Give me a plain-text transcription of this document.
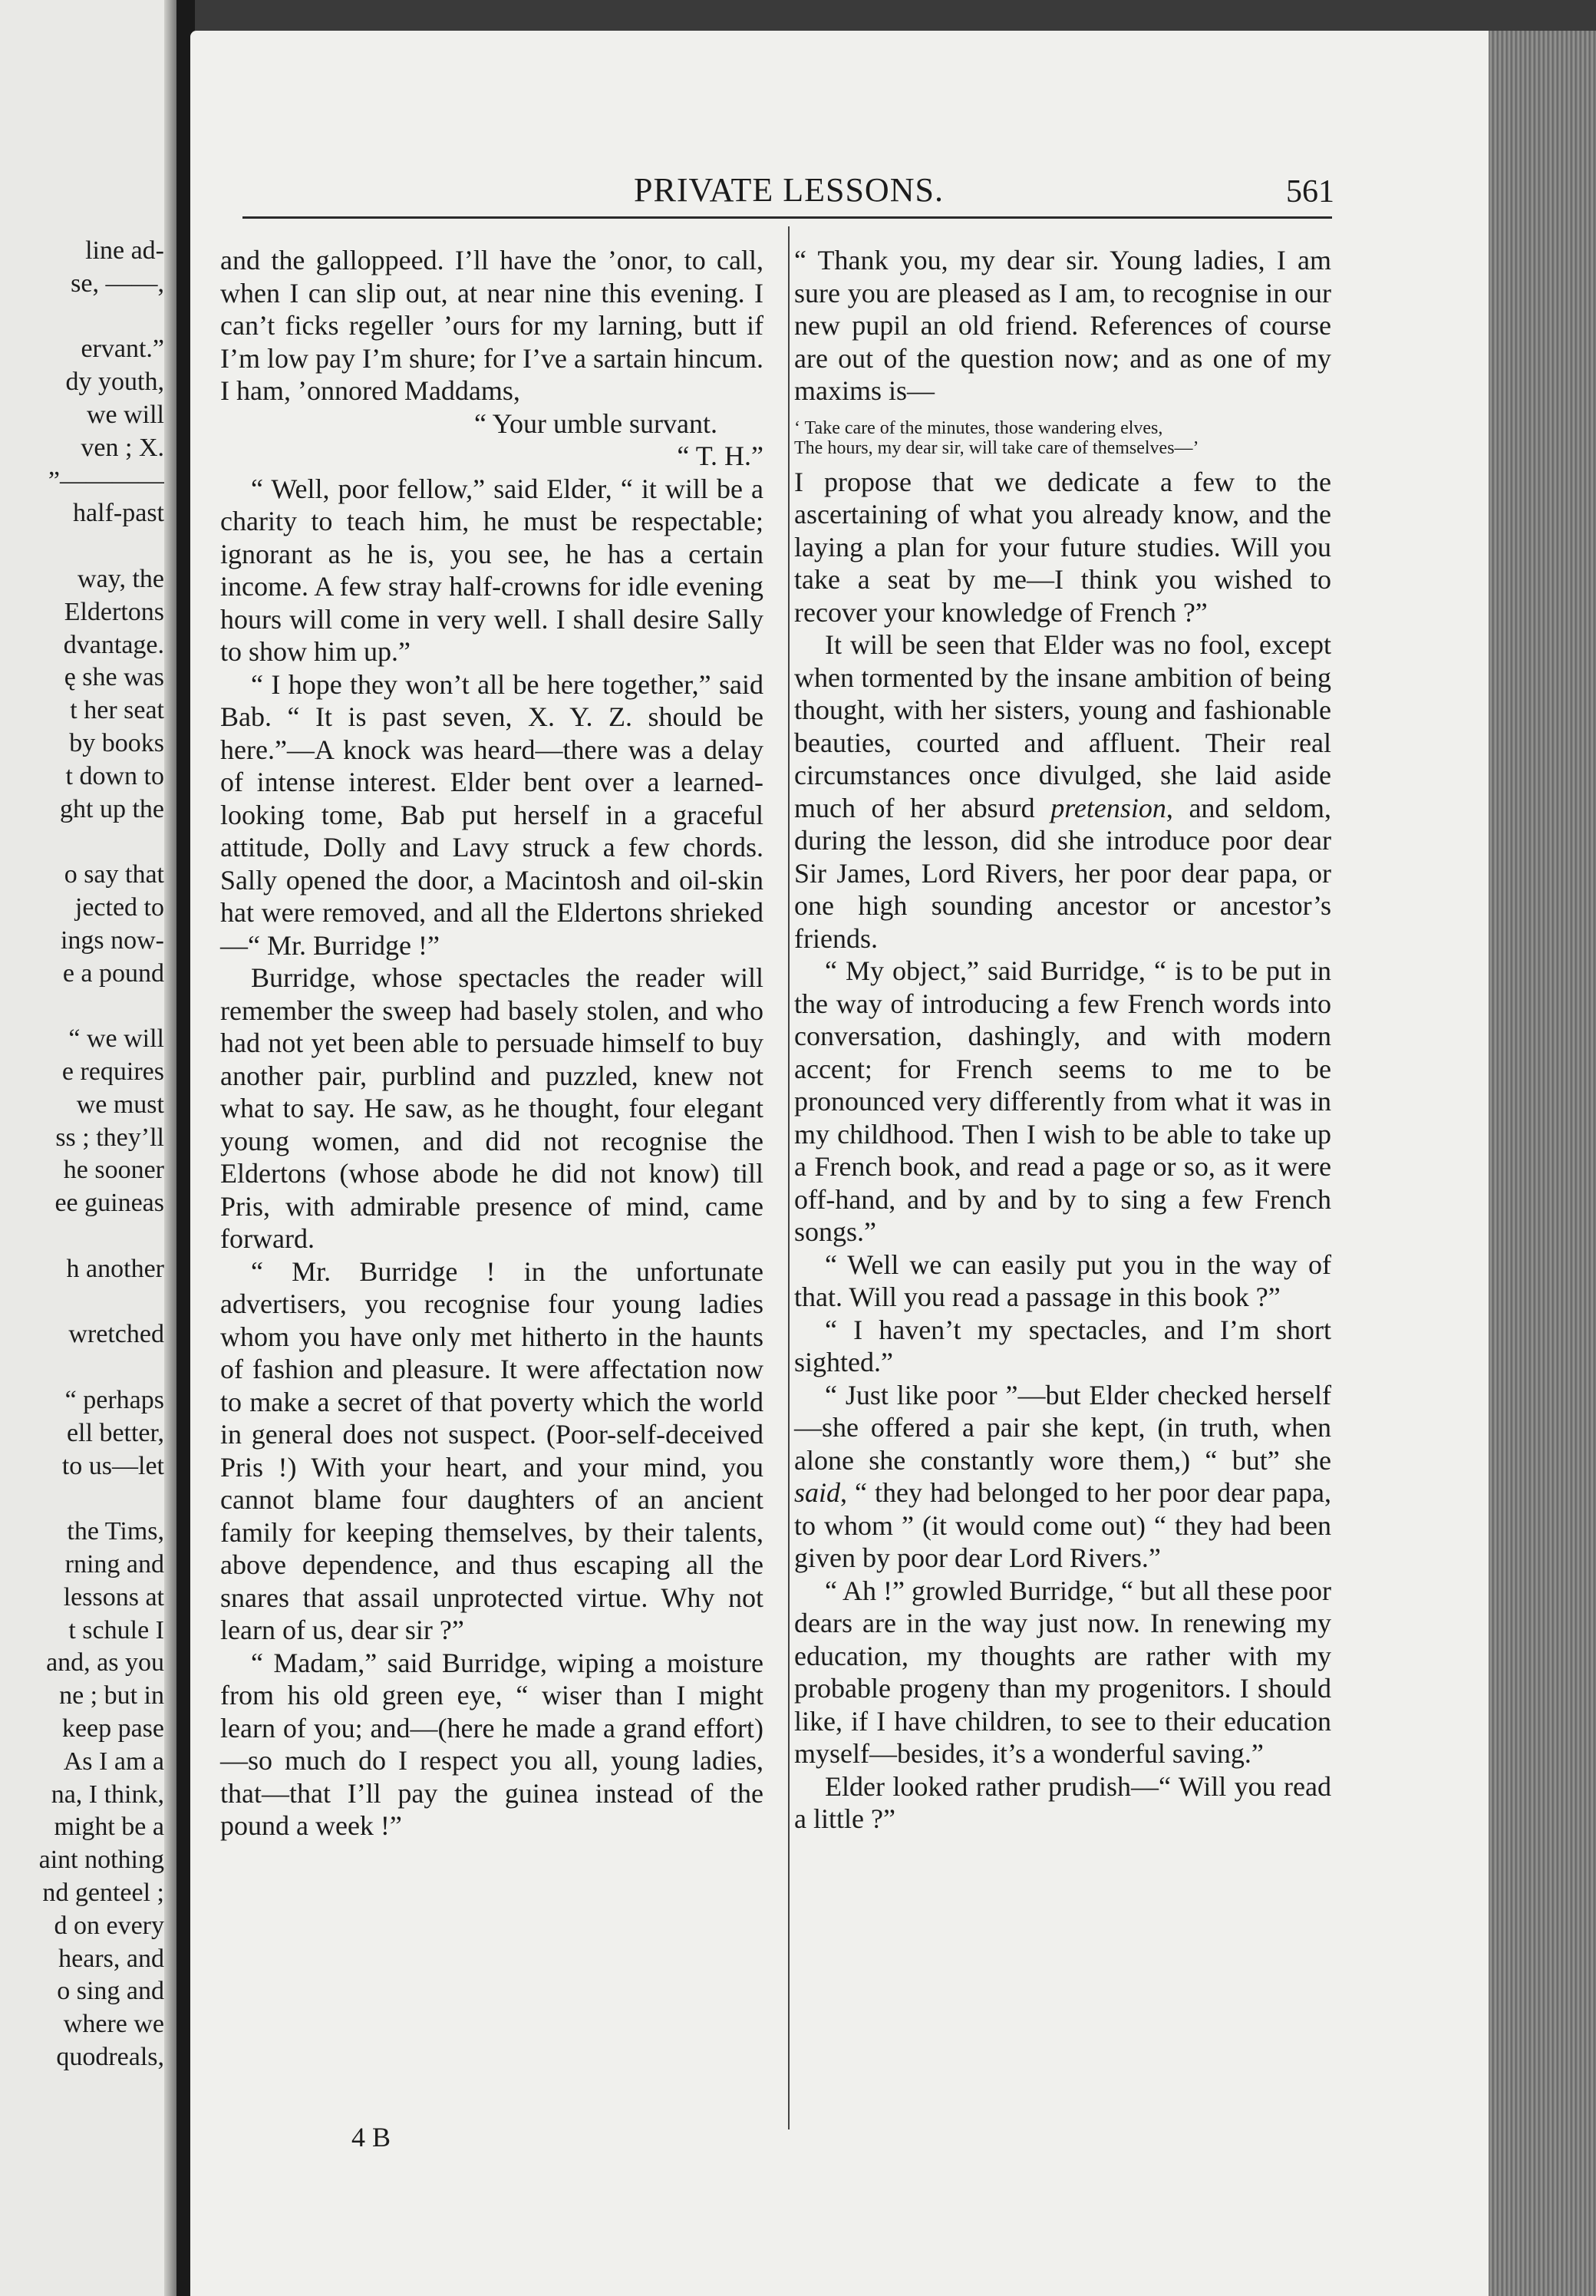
line ad-
se, ——,
ervant.”
dy youth,
we will
ven ; X.
”————
half-past
way, the
Eldertons
dvantage.
ę she was
t her seat
by books
t down to
ght up the
o say that
jected to
ings now-
e a pound
“ we will
e requires
we must
ss ; they’ll
he sooner
ee guineas
h another
wretched
“ perhaps
ell better,
to us—let
the Tims,
rning and
lessons at
t schule I
and, as you
ne ; but in
keep pase
As I am a
na, I think,
might be a
aint nothing
nd genteel ;
d on every
hears, and
o sing and
where we
quodreals,
PRIVATE LESSONS.	561

and the galloppeed. I’ll have the ’onor, to call, when I can slip out, at near nine this evening. I can’t ficks regeller ’ours for my larning, butt if I’m low pay I’m shure; for I’ve a sartain hincum. I ham, ’onnored Maddams,

“ Your umble survant.

“ T. H.”

“ Well, poor fellow,” said Elder, “ it will be a charity to teach him, he must be respectable; ignorant as he is, you see, he has a certain income. A few stray half-crowns for idle evening hours will come in very well. I shall desire Sally to show him up.”

“ I hope they won’t all be here together,” said Bab. “ It is past seven, X. Y. Z. should be here.”—A knock was heard—there was a delay of intense interest. Elder bent over a learned-looking tome, Bab put herself in a graceful attitude, Dolly and Lavy struck a few chords. Sally opened the door, a Macintosh and oil-skin hat were removed, and all the Eldertons shrieked—“ Mr. Burridge !”

Burridge, whose spectacles the reader will remember the sweep had basely stolen, and who had not yet been able to persuade himself to buy another pair, purblind and puzzled, knew not what to say. He saw, as he thought, four elegant young women, and did not recognise the Eldertons (whose abode he did not know) till Pris, with admirable presence of mind, came forward.

“ Mr. Burridge ! in the unfortunate advertisers, you recognise four young ladies whom you have only met hitherto in the haunts of fashion and pleasure. It were affectation now to make a secret of that poverty which the world in general does not suspect. (Poor-self-deceived Pris !) With your heart, and your mind, you cannot blame four daughters of an ancient family for keeping themselves, by their talents, above dependence, and thus escaping all the snares that assail unprotected virtue. Why not learn of us, dear sir ?”

“ Madam,” said Burridge, wiping a moisture from his old green eye, “ wiser than I might learn of you; and—(here he made a grand effort)—so much do I respect you all, young ladies, that—that I’ll pay the guinea instead of the pound a week !”

4 B

“ Thank you, my dear sir. Young ladies, I am sure you are pleased as I am, to recognise in our new pupil an old friend. References of course are out of the question now; and as one of my maxims is—

‘ Take care of the minutes, those wandering elves,
The hours, my dear sir, will take care of themselves—’

I propose that we dedicate a few to the ascertaining of what you already know, and the laying a plan for your future studies. Will you take a seat by me—I think you wished to recover your knowledge of French ?”

It will be seen that Elder was no fool, except when tormented by the insane ambition of being thought, with her sisters, young and fashionable beauties, courted and affluent. Their real circumstances once divulged, she laid aside much of her absurd pretension, and seldom, during the lesson, did she introduce poor dear Sir James, Lord Rivers, her poor dear papa, or one high sounding ancestor or ancestor’s friends.

“ My object,” said Burridge, “ is to be put in the way of introducing a few French words into conversation, dashingly, and with modern accent; for French seems to me to be pronounced very differently from what it was in my childhood. Then I wish to be able to take up a French book, and read a page or so, as it were off-hand, and by and by to sing a few French songs.”

“ Well we can easily put you in the way of that. Will you read a passage in this book ?”

“ I haven’t my spectacles, and I’m short sighted.”

“ Just like poor ”—but Elder checked herself—she offered a pair she kept, (in truth, when alone she constantly wore them,) “ but” she said, “ they had belonged to her poor dear papa, to whom ” (it would come out) “ they had been given by poor dear Lord Rivers.”

“ Ah !” growled Burridge, “ but all these poor dears are in the way just now. In renewing my education, my thoughts are rather with my probable progeny than my progenitors. I should like, if I have children, to see to their education myself—besides, it’s a wonderful saving.”

Elder looked rather prudish—“ Will you read a little ?”
